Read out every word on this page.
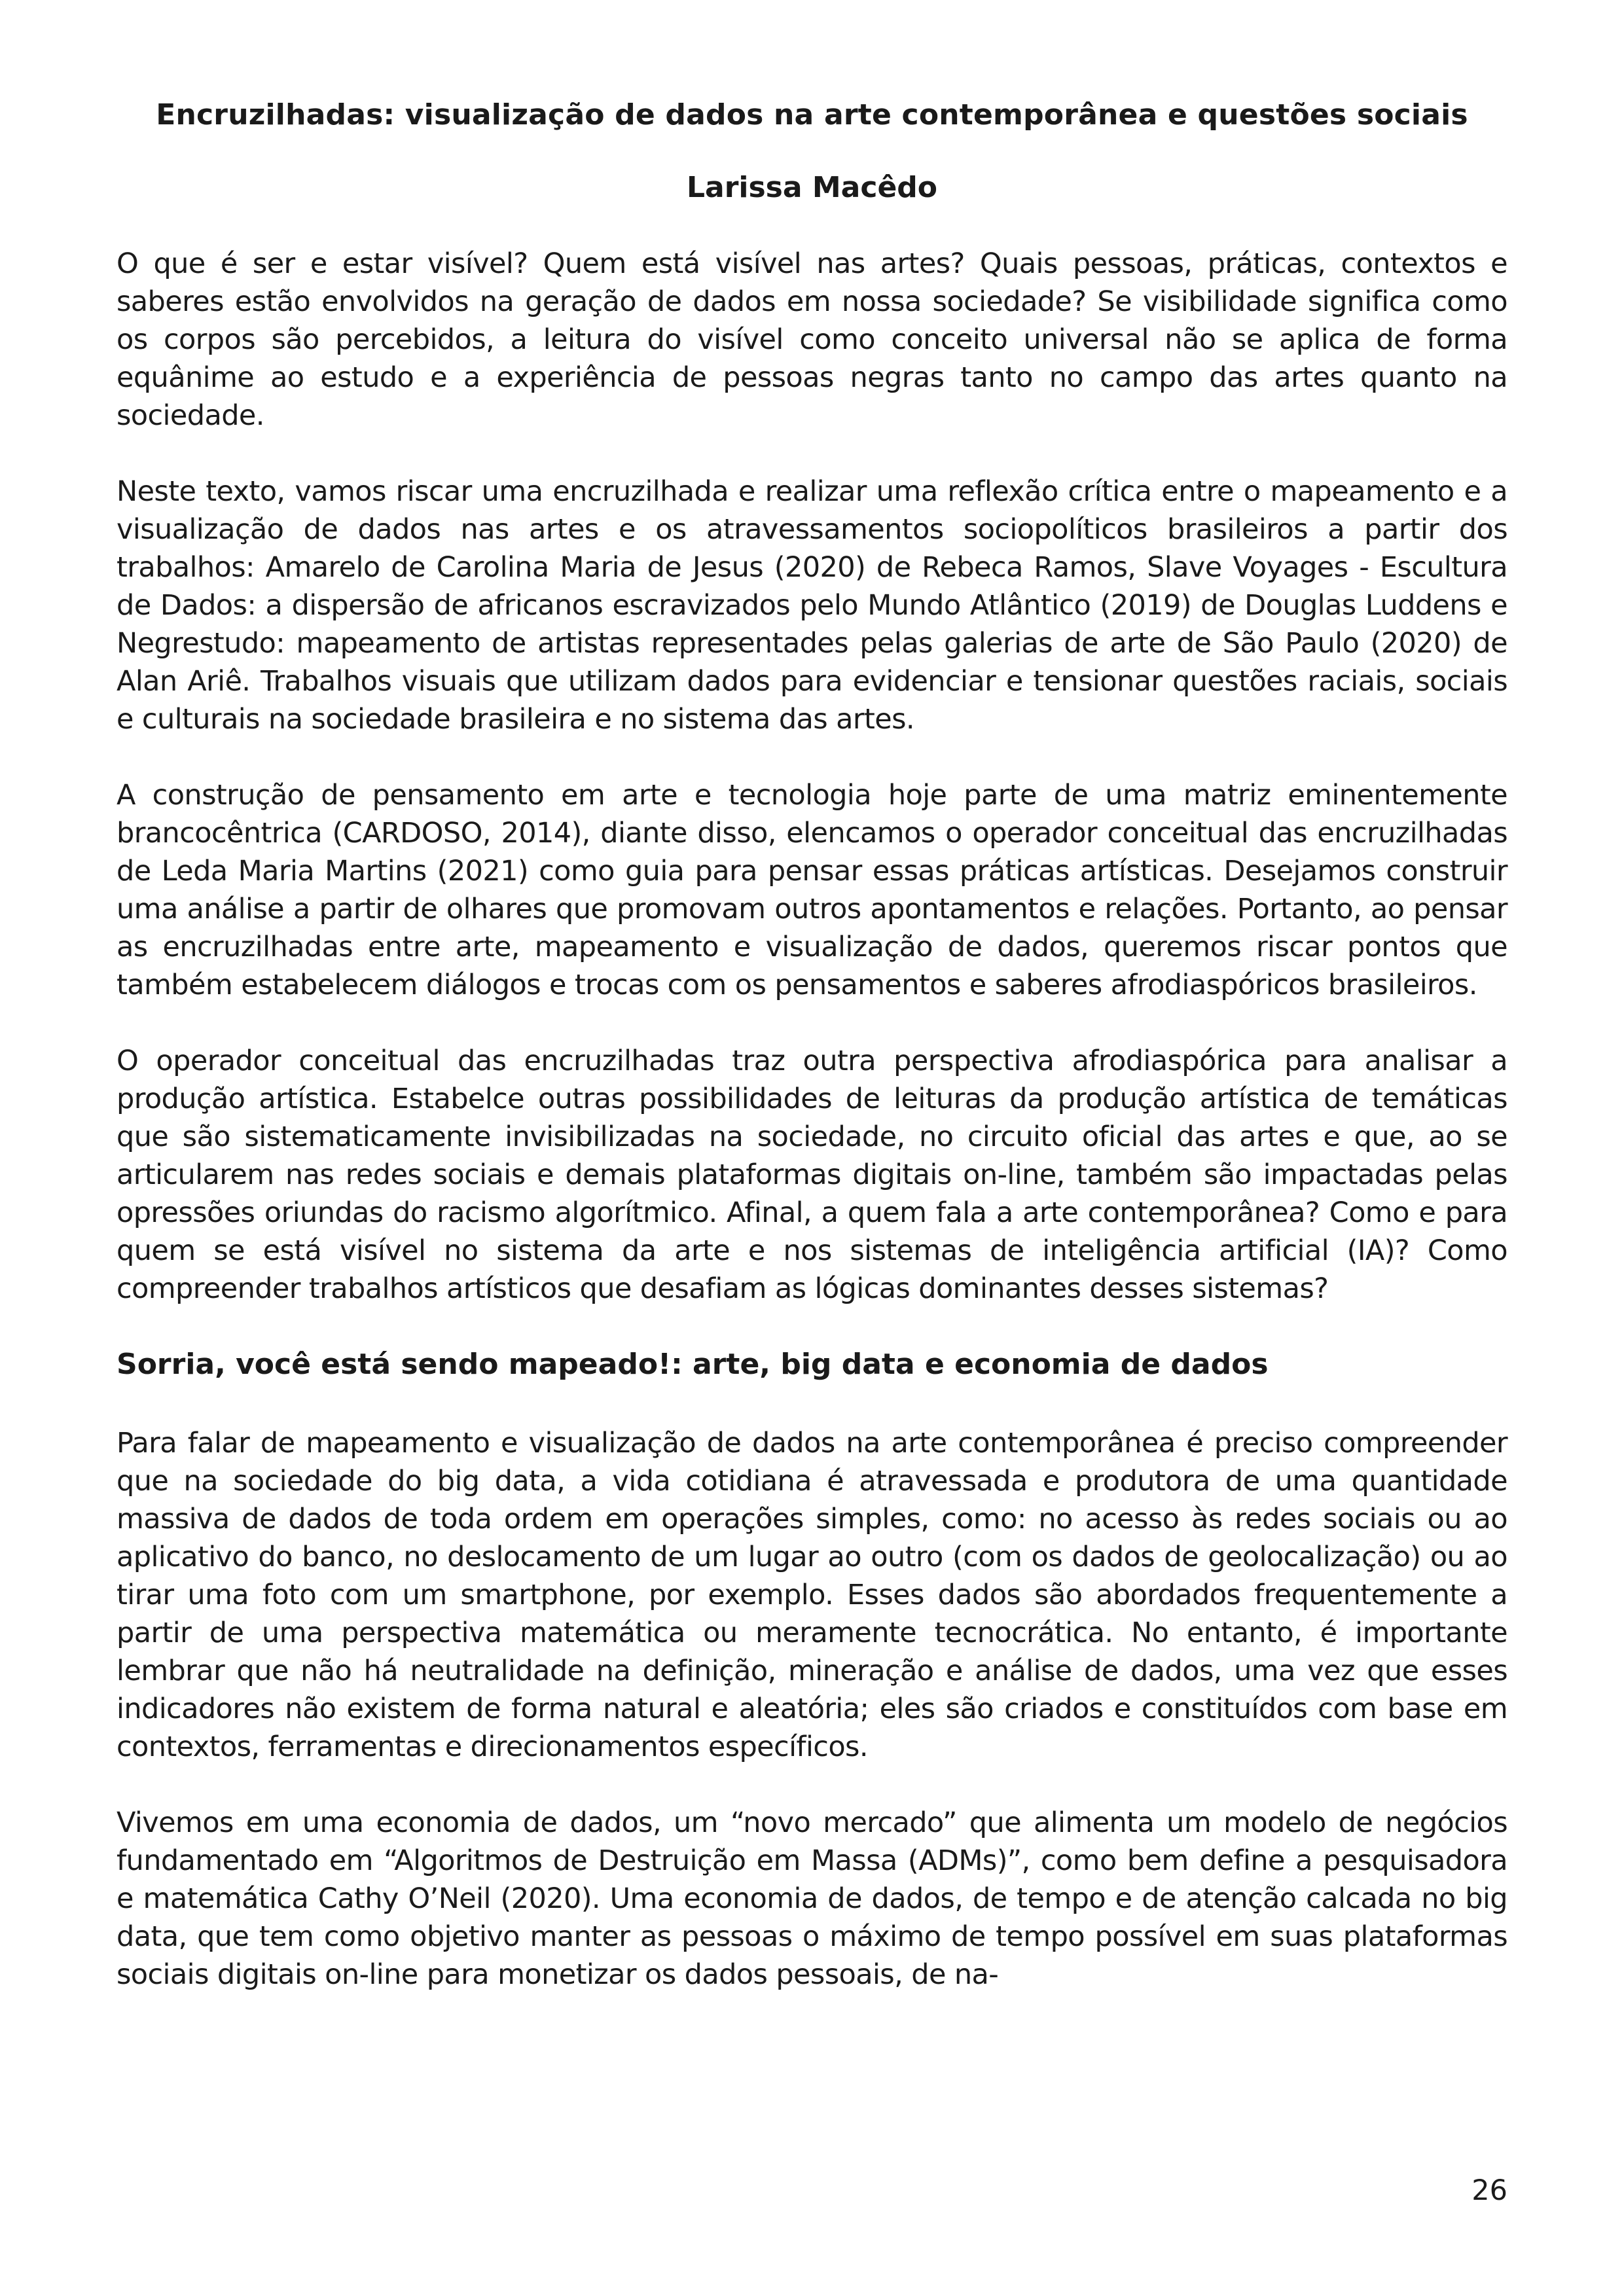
Encruzilhadas: visualização de dados na arte contemporânea e questões sociais
Larissa Macêdo

O que é ser e estar visível? Quem está visível nas artes? Quais pessoas, práticas, contextos e saberes estão envolvidos na geração de dados em nossa sociedade? Se visibilidade significa como os corpos são percebidos, a leitura do visível como conceito universal não se aplica de forma equânime ao estudo e a experiência de pessoas negras tanto no campo das artes quanto na sociedade.

Neste texto, vamos riscar uma encruzilhada e realizar uma reflexão crítica entre o mapeamento e a visualização de dados nas artes e os atravessamentos sociopolíticos brasileiros a partir dos trabalhos: Amarelo de Carolina Maria de Jesus (2020) de Rebeca Ramos, Slave Voyages - Escultura de Dados: a dispersão de africanos escravizados pelo Mundo Atlântico (2019) de Douglas Luddens e Negrestudo: mapeamento de artistas representades pelas galerias de arte de São Paulo (2020) de Alan Ariê. Trabalhos visuais que utilizam dados para evidenciar e tensionar questões raciais, sociais e culturais na sociedade brasileira e no sistema das artes.

A construção de pensamento em arte e tecnologia hoje parte de uma matriz eminentemente brancocêntrica (CARDOSO, 2014), diante disso, elencamos o operador conceitual das encruzilhadas de Leda Maria Martins (2021) como guia para pensar essas práticas artísticas. Desejamos construir uma análise a partir de olhares que promovam outros apontamentos e relações. Portanto, ao pensar as encruzilhadas entre arte, mapeamento e visualização de dados, queremos riscar pontos que também estabelecem diálogos e trocas com os pensamentos e saberes afrodiaspóricos brasileiros.

O operador conceitual das encruzilhadas traz outra perspectiva afrodiaspórica para analisar a produção artística. Estabelce outras possibilidades de leituras da produção artística de temáticas que são sistematicamente invisibilizadas na sociedade, no circuito oficial das artes e que, ao se articularem nas redes sociais e demais plataformas digitais on-line, também são impactadas pelas opressões oriundas do racismo algorítmico. Afinal, a quem fala a arte contemporânea? Como e para quem se está visível no sistema da arte e nos sistemas de inteligência artificial (IA)? Como compreender trabalhos artísticos que desafiam as lógicas dominantes desses sistemas?

Sorria, você está sendo mapeado!: arte, big data e economia de dados

Para falar de mapeamento e visualização de dados na arte contemporânea é preciso compreender que na sociedade do big data, a vida cotidiana é atravessada e produtora de uma quantidade massiva de dados de toda ordem em operações simples, como: no acesso às redes sociais ou ao aplicativo do banco, no deslocamento de um lugar ao outro (com os dados de geolocalização) ou ao tirar uma foto com um smartphone, por exemplo. Esses dados são abordados frequentemente a partir de uma perspectiva matemática ou meramente tecnocrática. No entanto, é importante lembrar que não há neutralidade na definição, mineração e análise de dados, uma vez que esses indicadores não existem de forma natural e aleatória; eles são criados e constituídos com base em contextos, ferramentas e direcionamentos específicos.

Vivemos em uma economia de dados, um “novo mercado” que alimenta um modelo de negócios fundamentado em “Algoritmos de Destruição em Massa (ADMs)”, como bem define a pesquisadora e matemática Cathy O’Neil (2020). Uma economia de dados, de tempo e de atenção calcada no big data, que tem como objetivo manter as pessoas o máximo de tempo possível em suas plataformas sociais digitais on-line para monetizar os dados pessoais, de na-

26
